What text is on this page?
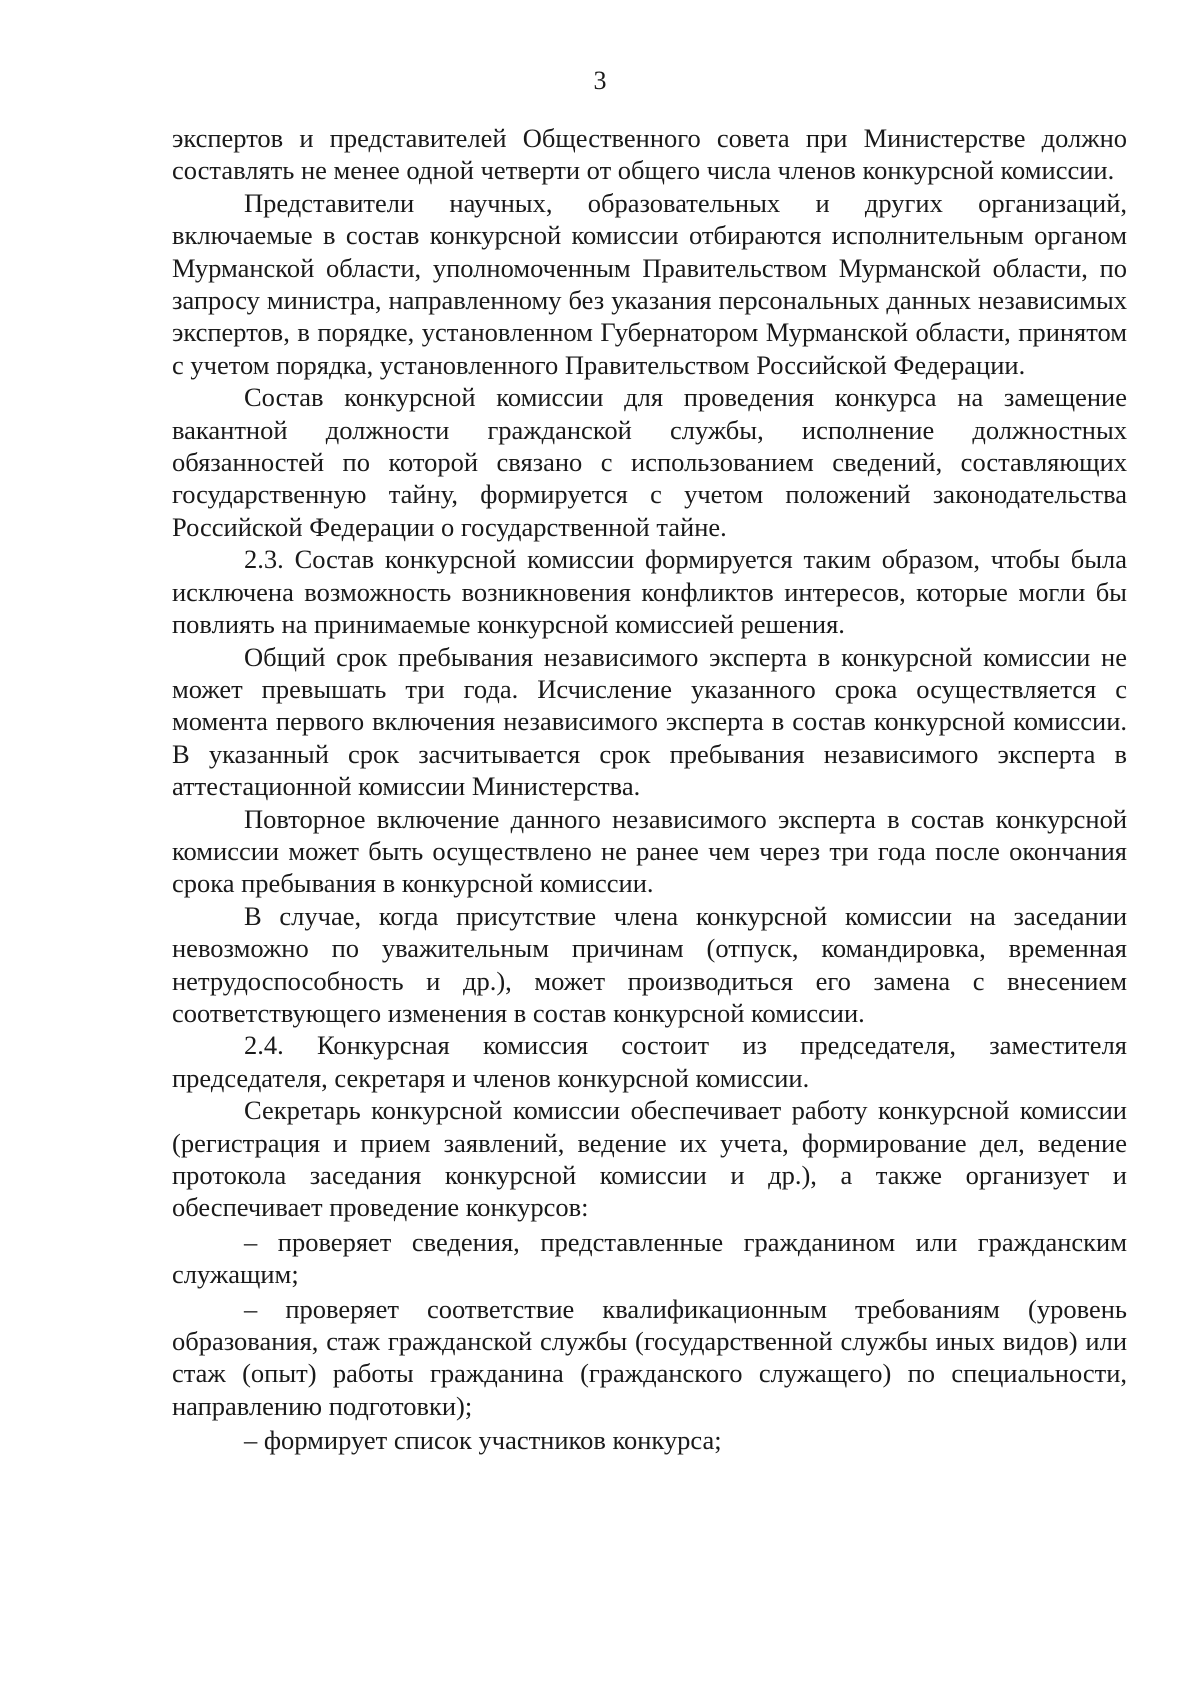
3

экспертов и представителей Общественного совета при Министерстве должно составлять не менее одной четверти от общего числа членов конкурсной комиссии.

Представители научных, образовательных и других организаций, включаемые в состав конкурсной комиссии отбираются исполнительным органом Мурманской области, уполномоченным Правительством Мурманской области, по запросу министра, направленному без указания персональных данных независимых экспертов, в порядке, установленном Губернатором Мурманской области, принятом с учетом порядка, установленного Правительством Российской Федерации.

Состав конкурсной комиссии для проведения конкурса на замещение вакантной должности гражданской службы, исполнение должностных обязанностей по которой связано с использованием сведений, составляющих государственную тайну, формируется с учетом положений законодательства Российской Федерации о государственной тайне.

2.3. Состав конкурсной комиссии формируется таким образом, чтобы была исключена возможность возникновения конфликтов интересов, которые могли бы повлиять на принимаемые конкурсной комиссией решения.

Общий срок пребывания независимого эксперта в конкурсной комиссии не может превышать три года. Исчисление указанного срока осуществляется с момента первого включения независимого эксперта в состав конкурсной комиссии. В указанный срок засчитывается срок пребывания независимого эксперта в аттестационной комиссии Министерства.

Повторное включение данного независимого эксперта в состав конкурсной комиссии может быть осуществлено не ранее чем через три года после окончания срока пребывания в конкурсной комиссии.

В случае, когда присутствие члена конкурсной комиссии на заседании невозможно по уважительным причинам (отпуск, командировка, временная нетрудоспособность и др.), может производиться его замена с внесением соответствующего изменения в состав конкурсной комиссии.

2.4. Конкурсная комиссия состоит из председателя, заместителя председателя, секретаря и членов конкурсной комиссии.

Секретарь конкурсной комиссии обеспечивает работу конкурсной комиссии (регистрация и прием заявлений, ведение их учета, формирование дел, ведение протокола заседания конкурсной комиссии и др.), а также организует и обеспечивает проведение конкурсов:

– проверяет сведения, представленные гражданином или гражданским служащим;

– проверяет соответствие квалификационным требованиям (уровень образования, стаж гражданской службы (государственной службы иных видов) или стаж (опыт) работы гражданина (гражданского служащего) по специальности, направлению подготовки);

– формирует список участников конкурса;
